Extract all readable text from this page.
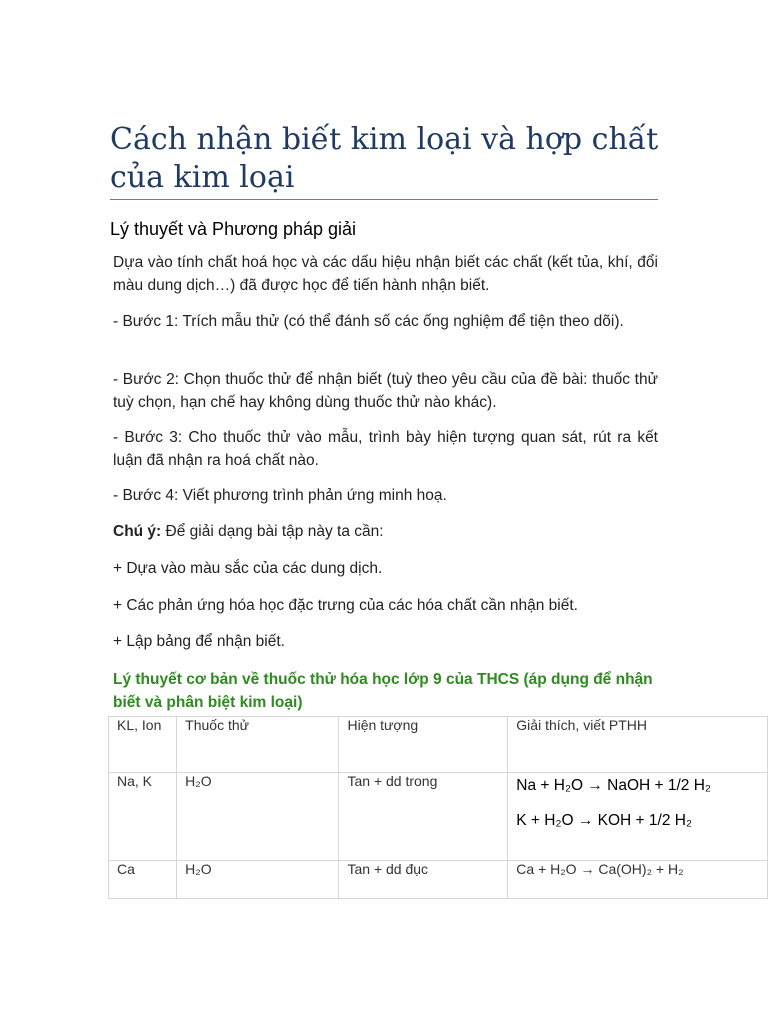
Cách nhận biết kim loại và hợp chất của kim loại
Lý thuyết và Phương pháp giải

Dựa vào tính chất hoá học và các dấu hiệu nhận biết các chất (kết tủa, khí, đổi màu dung dịch…) đã được học để tiến hành nhận biết.

- Bước 1: Trích mẫu thử (có thể đánh số các ống nghiệm để tiện theo dõi).

- Bước 2: Chọn thuốc thử để nhận biết (tuỳ theo yêu cầu của đề bài: thuốc thử tuỳ chọn, hạn chế hay không dùng thuốc thử nào khác).

- Bước 3: Cho thuốc thử vào mẫu, trình bày hiện tượng quan sát, rút ra kết luận đã nhận ra hoá chất nào.

- Bước 4: Viết phương trình phản ứng minh hoạ.

Chú ý: Để giải dạng bài tập này ta cần:

+ Dựa vào màu sắc của các dung dịch.

+ Các phản ứng hóa học đặc trưng của các hóa chất cần nhận biết.

+ Lập bảng để nhận biết.

Lý thuyết cơ bản về thuốc thử hóa học lớp 9 của THCS (áp dụng để nhận biết và phân biệt kim loại)

KL, Ion	Thuốc thử	Hiện tượng	Giải thích, viết PTHH
Na, K	H₂O	Tan + dd trong	Na + H₂O → NaOH + 1/2 H₂
K + H₂O → KOH + 1/2 H₂

Ca	H₂O	Tan + dd đục	Ca + H₂O → Ca(OH)₂ + H₂
